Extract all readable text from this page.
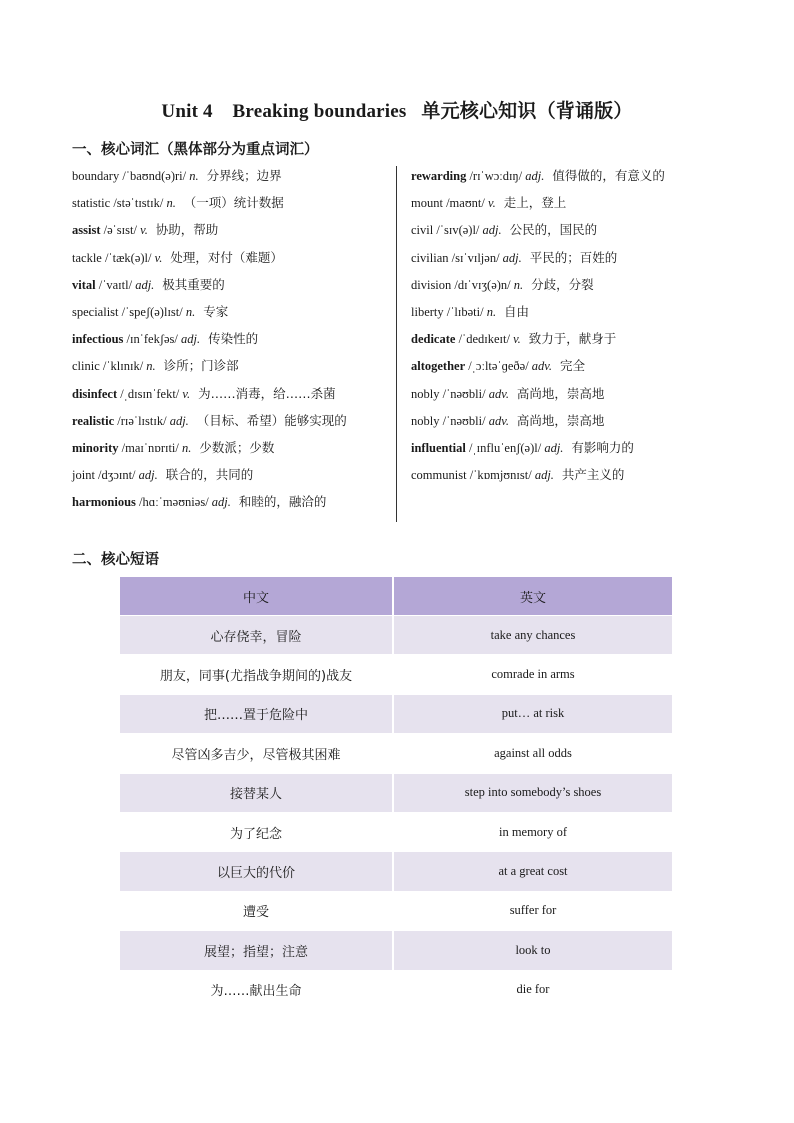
Unit 4    Breaking boundaries   单元核心知识（背诵版）
一、核心词汇（黑体部分为重点词汇）
boundary /ˈbaʊnd(ə)ri/ n. 分界线；边界
statistic /stəˈtɪstɪk/ n. （一项）统计数据
assist /əˈsɪst/ v. 协助，帮助
tackle /ˈtæk(ə)l/ v. 处理，对付（难题）
vital /ˈvaɪtl/ adj. 极其重要的
specialist /ˈspeʃ(ə)lɪst/ n. 专家
infectious /ɪnˈfekʃəs/ adj. 传染性的
clinic /ˈklɪnɪk/ n. 诊所；门诊部
disinfect /ˌdɪsɪnˈfekt/ v. 为……消毒，给……杀菌
realistic /rɪəˈlɪstɪk/ adj. （目标、希望）能够实现的
minority /maɪˈnɒrɪti/ n. 少数派；少数
joint /dʒɔɪnt/ adj. 联合的，共同的
harmonious /hɑːˈməʊniəs/ adj. 和睦的，融洽的
rewarding /rɪˈwɔːdɪŋ/ adj. 值得做的，有意义的
mount /maʊnt/ v. 走上，登上
civil /ˈsɪv(ə)l/ adj. 公民的，国民的
civilian /sɪˈvɪljən/ adj. 平民的；百姓的
division /dɪˈvɪʒ(ə)n/ n. 分歧，分裂
liberty /ˈlɪbəti/ n. 自由
dedicate /ˈdedɪkeɪt/ v. 致力于，献身于
altogether /ˌɔːltəˈɡeðə/ adv. 完全
nobly /ˈnəʊbli/ adv. 高尚地，崇高地
nobly /ˈnəʊbli/ adv. 高尚地，崇高地
influential /ˌɪnfluˈenʃ(ə)l/ adj. 有影响力的
communist /ˈkɒmjʊnɪst/ adj. 共产主义的
二、核心短语
中文	英文
心存侥幸，冒险	take any chances
朋友，同事(尤指战争期间的)战友	comrade in arms
把……置于危险中	put… at risk
尽管凶多吉少，尽管极其困难	against all odds
接替某人	step into somebody’s shoes
为了纪念	in memory of
以巨大的代价	at a great cost
遭受	suffer for
展望；指望；注意	look to
为……献出生命	die for
